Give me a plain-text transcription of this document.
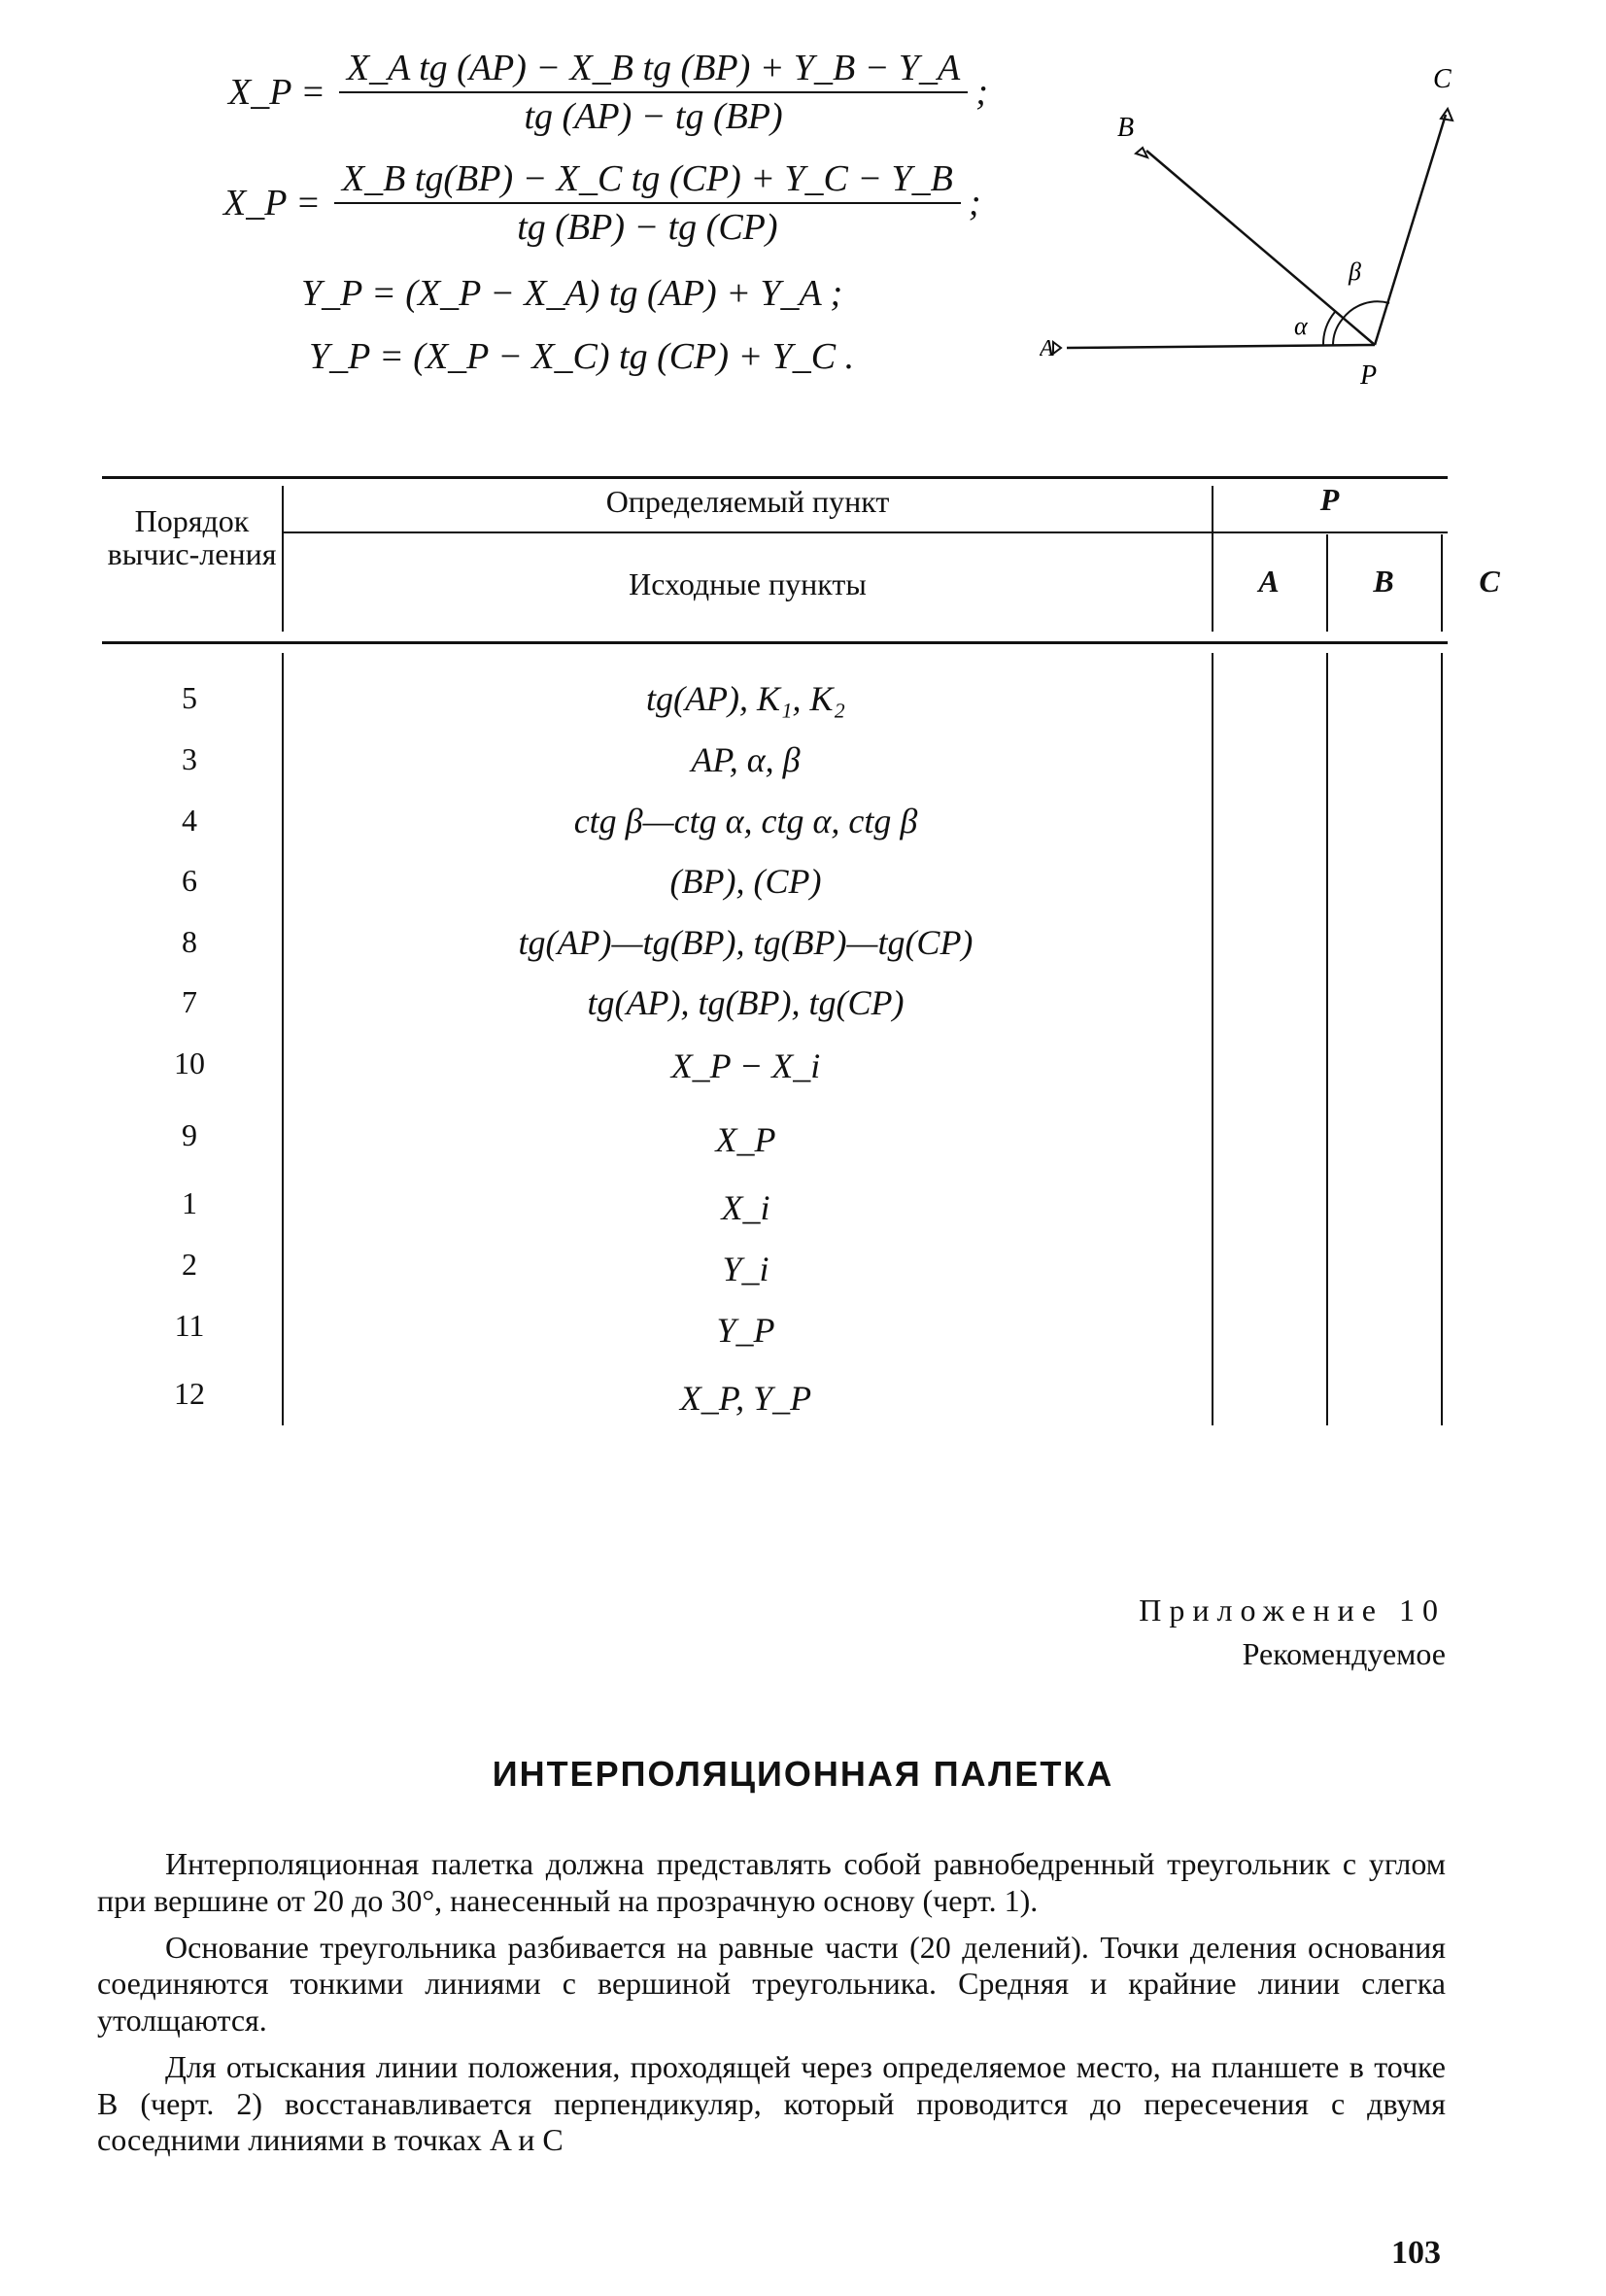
X_P = $\frac{\text{X\_A tg (AP) − X\_B tg (BP) + Y\_B − Y\_A}}{tg (AP) - tg (BP)}$ ;
X_P = $\frac{\text{X\_B tg(BP) − X\_C tg (CP) + Y\_C − Y\_B}}{tg (BP) - tg (CP)}$ ;
Y_P = (X_P − X_A) tg (AP) + Y_A ;
Y_P = (X_P − X_C) tg (CP) + Y_C .
B
C
A
P
α
β
Порядок вычис-ления
Определяемый пункт
Исходные пункты
P
A	B	C
5
3
4
6
8
7
10
9
1
2
11
12
tg(AP), K₁, K₂
AP, α, β
ctg β—ctg α, ctg α, ctg β
(BP), (CP)
tg(AP)—tg(BP), tg(BP)—tg(CP)
tg(AP), tg(BP), tg(CP)
X_P − X_i
X_P
X_i
Y_i
Y_P
X_P, Y_P
Приложение 10
Рекомендуемое
ИНТЕРПОЛЯЦИОННАЯ ПАЛЕТКА

Интерполяционная палетка должна представлять собой равнобедренный треугольник с углом при вершине от 20 до 30°, нанесенный на прозрачную основу (черт. 1).

Основание треугольника разбивается на равные части (20 делений). Точки деления основания соединяются тонкими линиями с вершиной треугольника. Средняя и крайние линии слегка утолщаются.

Для отыскания линии положения, проходящей через определяемое место, на планшете в точке B (черт. 2) восстанавливается перпендикуляр, который проводится до пересечения с двумя соседними линиями в точках A и C

103
